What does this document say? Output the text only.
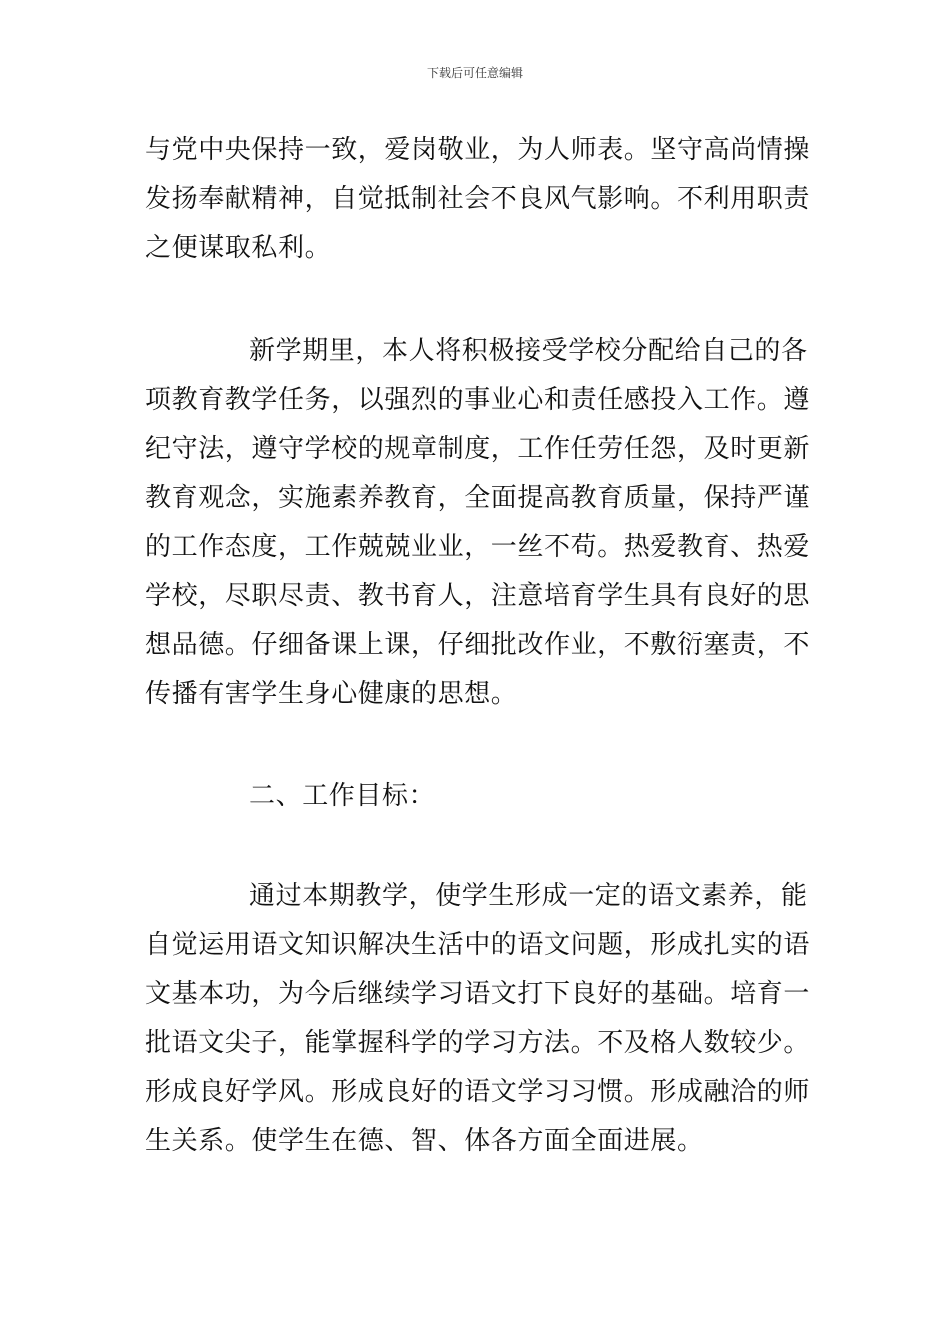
下载后可任意编辑

与党中央保持一致，爱岗敬业，为人师表。坚守高尚情操发扬奉献精神，自觉抵制社会不良风气影响。不利用职责之便谋取私利。

新学期里，本人将积极接受学校分配给自己的各项教育教学任务，以强烈的事业心和责任感投入工作。遵纪守法，遵守学校的规章制度，工作任劳任怨，及时更新教育观念，实施素养教育，全面提高教育质量，保持严谨的工作态度，工作兢兢业业，一丝不苟。热爱教育、热爱学校，尽职尽责、教书育人，注意培育学生具有良好的思想品德。仔细备课上课，仔细批改作业，不敷衍塞责，不传播有害学生身心健康的思想。

二、工作目标：

通过本期教学，使学生形成一定的语文素养，能自觉运用语文知识解决生活中的语文问题，形成扎实的语文基本功，为今后继续学习语文打下良好的基础。培育一批语文尖子，能掌握科学的学习方法。不及格人数较少。形成良好学风。形成良好的语文学习习惯。形成融洽的师生关系。使学生在德、智、体各方面全面进展。
